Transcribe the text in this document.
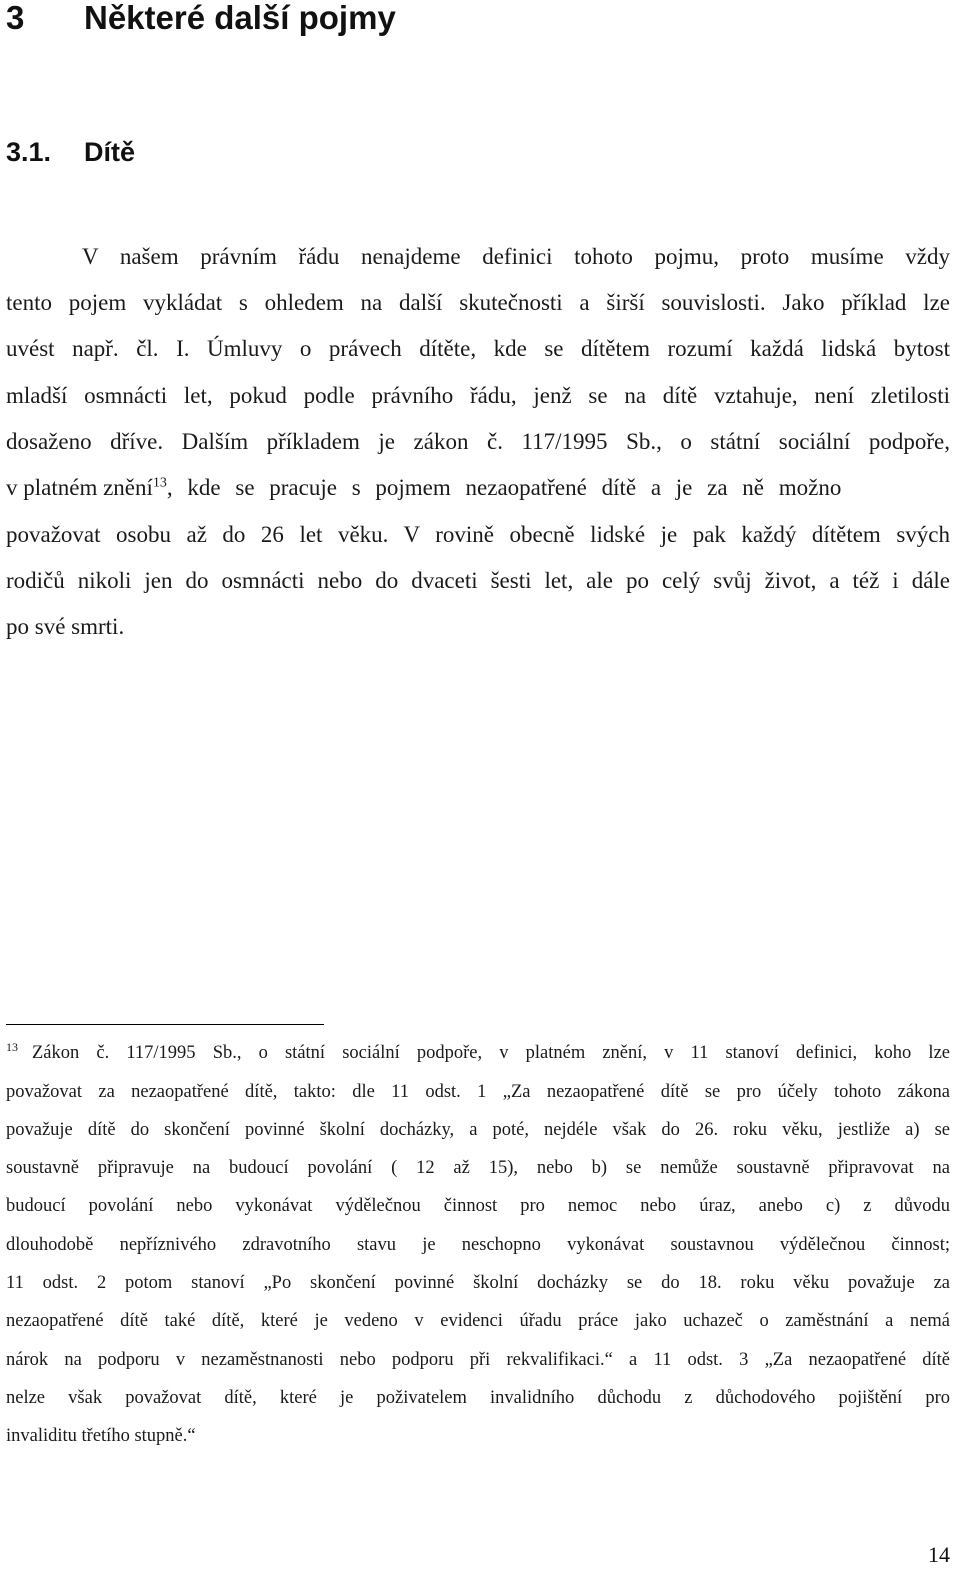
3 Některé další pojmy
3.1. Dítě
V našem právním řádu nenajdeme definici tohoto pojmu, proto musíme vždy
tento pojem vykládat s ohledem na další skutečnosti a širší souvislosti. Jako příklad lze
uvést např. čl. I. Úmluvy o právech dítěte, kde se dítětem rozumí každá lidská bytost
mladší osmnácti let, pokud podle právního řádu, jenž se na dítě vztahuje, není zletilosti
dosaženo dříve. Dalším příkladem je zákon č. 117/1995 Sb., o státní sociální podpoře,
v platném znění$^{13}$, kde se pracuje s pojmem nezaopatřené dítě a je za ně možno
považovat osobu až do 26 let věku. V rovině obecně lidské je pak každý dítětem svých
rodičů nikoli jen do osmnácti nebo do dvaceti šesti let, ale po celý svůj život, a též i dále
po své smrti.
$^{13}$ Zákon č. 117/1995 Sb., o státní sociální podpoře, v platném znění, v 11 stanoví definici, koho lze
považovat za nezaopatřené dítě, takto: dle 11 odst. 1 „Za nezaopatřené dítě se pro účely tohoto zákona
považuje dítě do skončení povinné školní docházky, a poté, nejdéle však do 26. roku věku, jestliže a) se
soustavně připravuje na budoucí povolání ( 12 až 15), nebo b) se nemůže soustavně připravovat na
budoucí povolání nebo vykonávat výdělečnou činnost pro nemoc nebo úraz, anebo c) z důvodu
dlouhodobě nepříznivého zdravotního stavu je neschopno vykonávat soustavnou výdělečnou činnost;
11 odst. 2 potom stanoví „Po skončení povinné školní docházky se do 18. roku věku považuje za
nezaopatřené dítě také dítě, které je vedeno v evidenci úřadu práce jako uchazeč o zaměstnání a nemá
nárok na podporu v nezaměstnanosti nebo podporu při rekvalifikaci.“ a 11 odst. 3 „Za nezaopatřené dítě
nelze však považovat dítě, které je poživatelem invalidního důchodu z důchodového pojištění pro
invaliditu třetího stupně.“
14
